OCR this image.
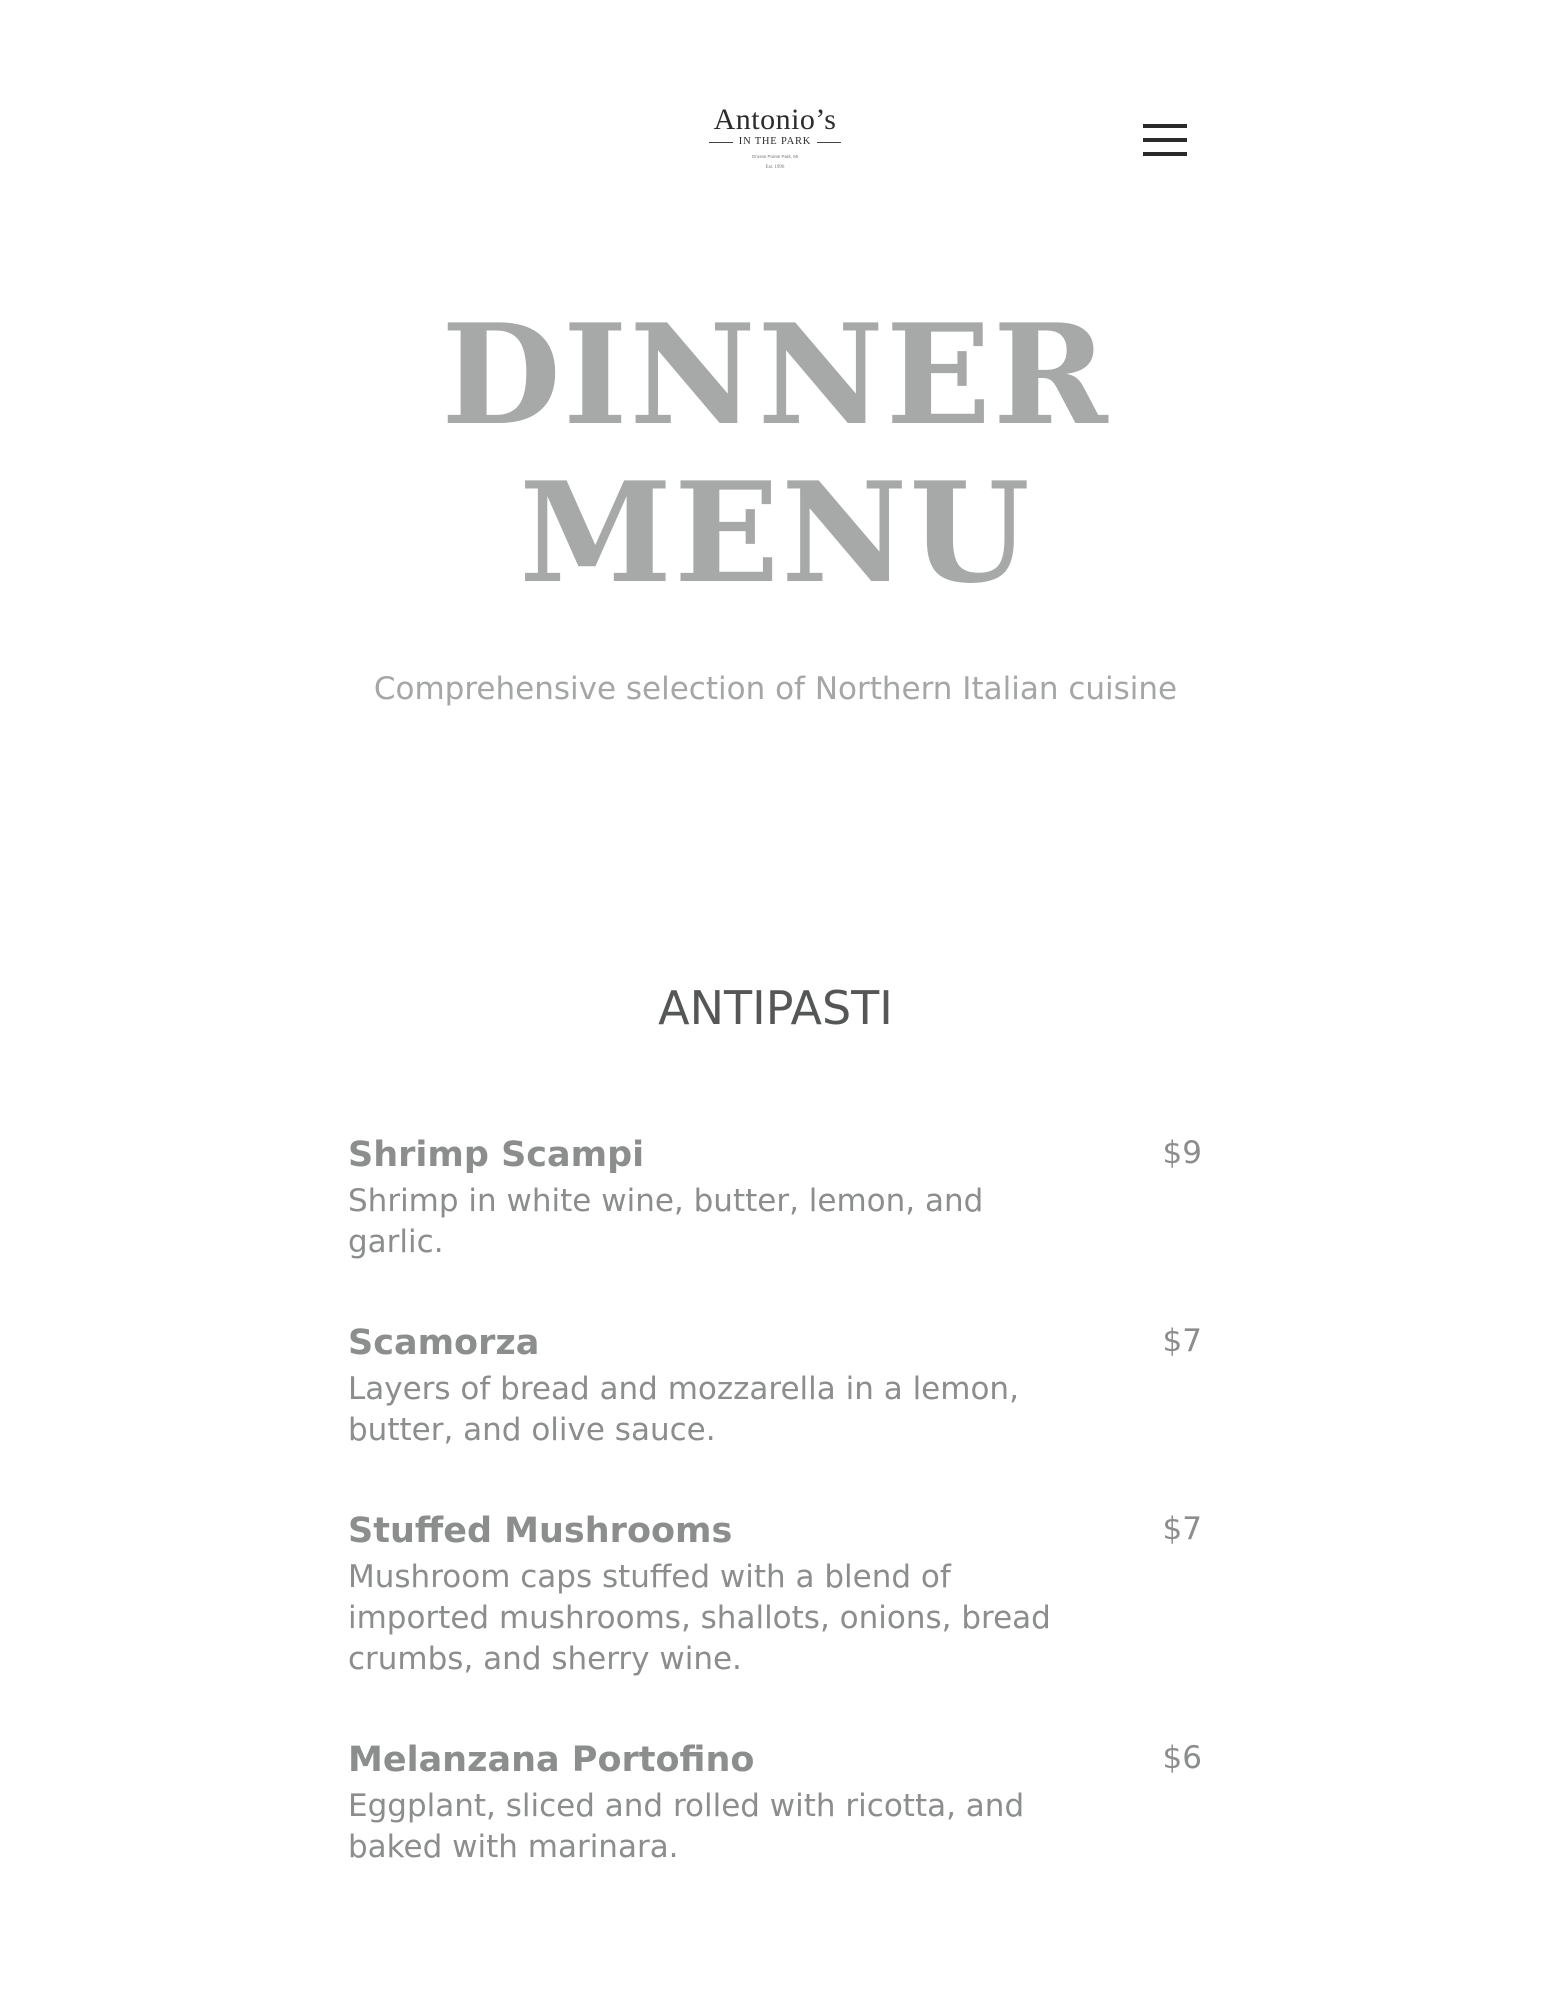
Antonio’s
IN THE PARK
Grosse Pointe Park, MI
Est. 1996
DINNER
MENU

Comprehensive selection of Northern Italian cuisine

ANTIPASTI
Shrimp Scampi
Shrimp in white wine, butter, lemon, and garlic.
$9
Scamorza
Layers of bread and mozzarella in a lemon, butter, and olive sauce.
$7
Stuffed Mushrooms
Mushroom caps stuffed with a blend of imported mushrooms, shallots, onions, bread crumbs, and sherry wine.
$7
Melanzana Portofino
Eggplant, sliced and rolled with ricotta, and baked with marinara.
$6
